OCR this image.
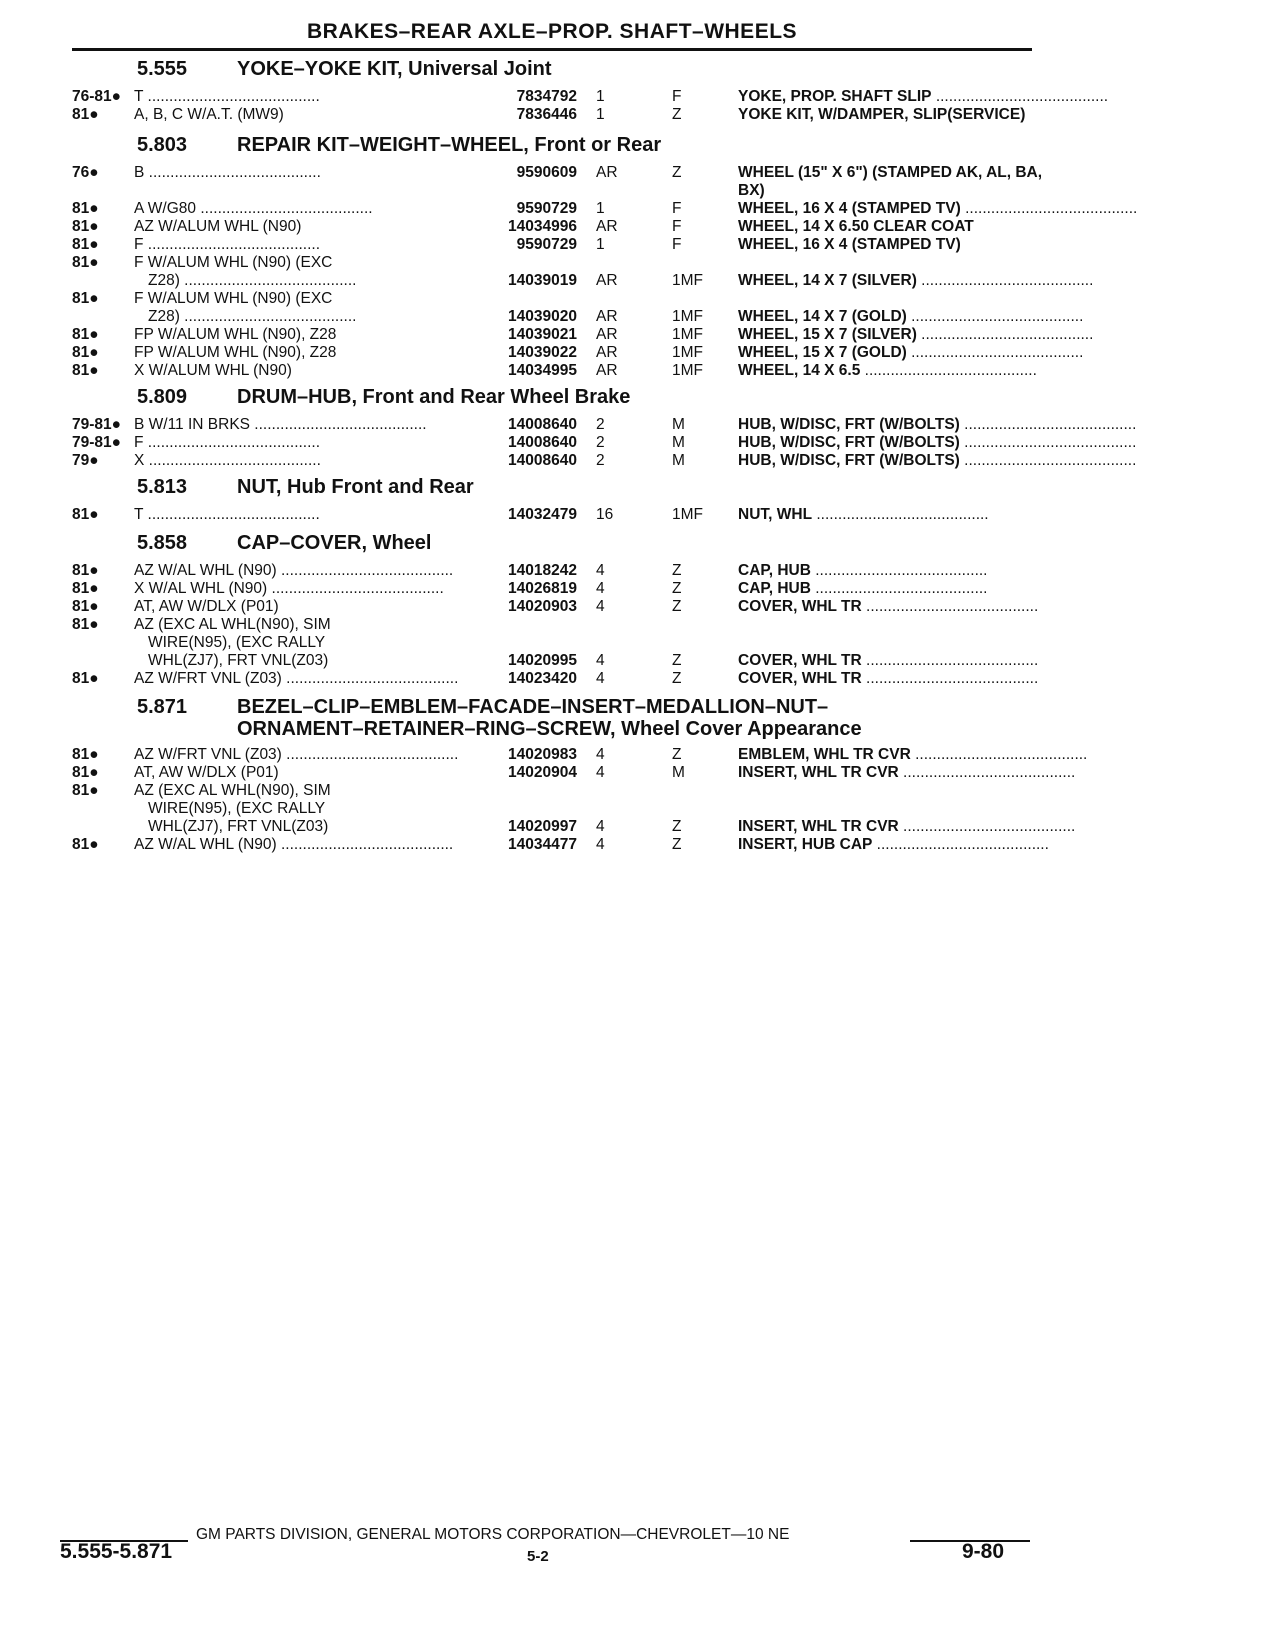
BRAKES–REAR AXLE–PROP. SHAFT–WHEELS
5.555 YOKE–YOKE KIT, Universal Joint
76-81● T .....	7834792 1	F	YOKE, PROP. SHAFT SLIP .....
81● A, B, C W/A.T. (MW9)	7836446 1	Z	YOKE KIT, W/DAMPER, SLIP(SERVICE)
5.803 REPAIR KIT–WEIGHT–WHEEL, Front or Rear
76● B .....	9590609 AR	Z	WHEEL (15" X 6") (STAMPED AK, AL, BA,
BX)
81● A W/G80 .....	9590729 1	F	WHEEL, 16 X 4 (STAMPED TV) .....
81● AZ W/ALUM WHL (N90)	14034996 AR	F	WHEEL, 14 X 6.50 CLEAR COAT
81● F .....	9590729 1	F	WHEEL, 16 X 4 (STAMPED TV)
81● F W/ALUM WHL (N90) (EXC
Z28) .....	14039019 AR	1MF WHEEL, 14 X 7 (SILVER) .....
81● F W/ALUM WHL (N90) (EXC
Z28) .....	14039020 AR	1MF WHEEL, 14 X 7 (GOLD) .....
81● FP W/ALUM WHL (N90), Z28	14039021 AR	1MF WHEEL, 15 X 7 (SILVER) .....
81● FP W/ALUM WHL (N90), Z28	14039022 AR	1MF WHEEL, 15 X 7 (GOLD) .....
81● X W/ALUM WHL (N90)	14034995 AR	1MF WHEEL, 14 X 6.5 .....
5.809 DRUM–HUB, Front and Rear Wheel Brake
79-81● B W/11 IN BRKS .....	14008640 2	M	HUB, W/DISC, FRT (W/BOLTS) .....
79-81● F .....	14008640 2	M	HUB, W/DISC, FRT (W/BOLTS) .....
79● X .....	14008640 2	M	HUB, W/DISC, FRT (W/BOLTS) .....
5.813 NUT, Hub Front and Rear
81● T .....	14032479 16	1MF NUT, WHL .....
5.858 CAP–COVER, Wheel
81● AZ W/AL WHL (N90) .....	14018242 4	Z	CAP, HUB .....
81● X W/AL WHL (N90) .....	14026819 4	Z	CAP, HUB .....
81● AT, AW W/DLX (P01)	14020903 4	Z	COVER, WHL TR .....
81● AZ (EXC AL WHL(N90), SIM
WIRE(N95), (EXC RALLY
WHL(ZJ7), FRT VNL(Z03)	14020995 4	Z	COVER, WHL TR .....
81● AZ W/FRT VNL (Z03) .....	14023420 4	Z	COVER, WHL TR .....
5.871 BEZEL–CLIP–EMBLEM–FACADE–INSERT–MEDALLION–NUT–
ORNAMENT–RETAINER–RING–SCREW, Wheel Cover Appearance
81● AZ W/FRT VNL (Z03) .....	14020983 4	Z	EMBLEM, WHL TR CVR .....
81● AT, AW W/DLX (P01)	14020904 4	M	INSERT, WHL TR CVR .....
81● AZ (EXC AL WHL(N90), SIM
WIRE(N95), (EXC RALLY
WHL(ZJ7), FRT VNL(Z03)	14020997 4	Z	INSERT, WHL TR CVR .....
81● AZ W/AL WHL (N90) .....	14034477 4	Z	INSERT, HUB CAP .....
GM PARTS DIVISION, GENERAL MOTORS CORPORATION—CHEVROLET—10 NE
5.555-5.871	5-2	9-80
